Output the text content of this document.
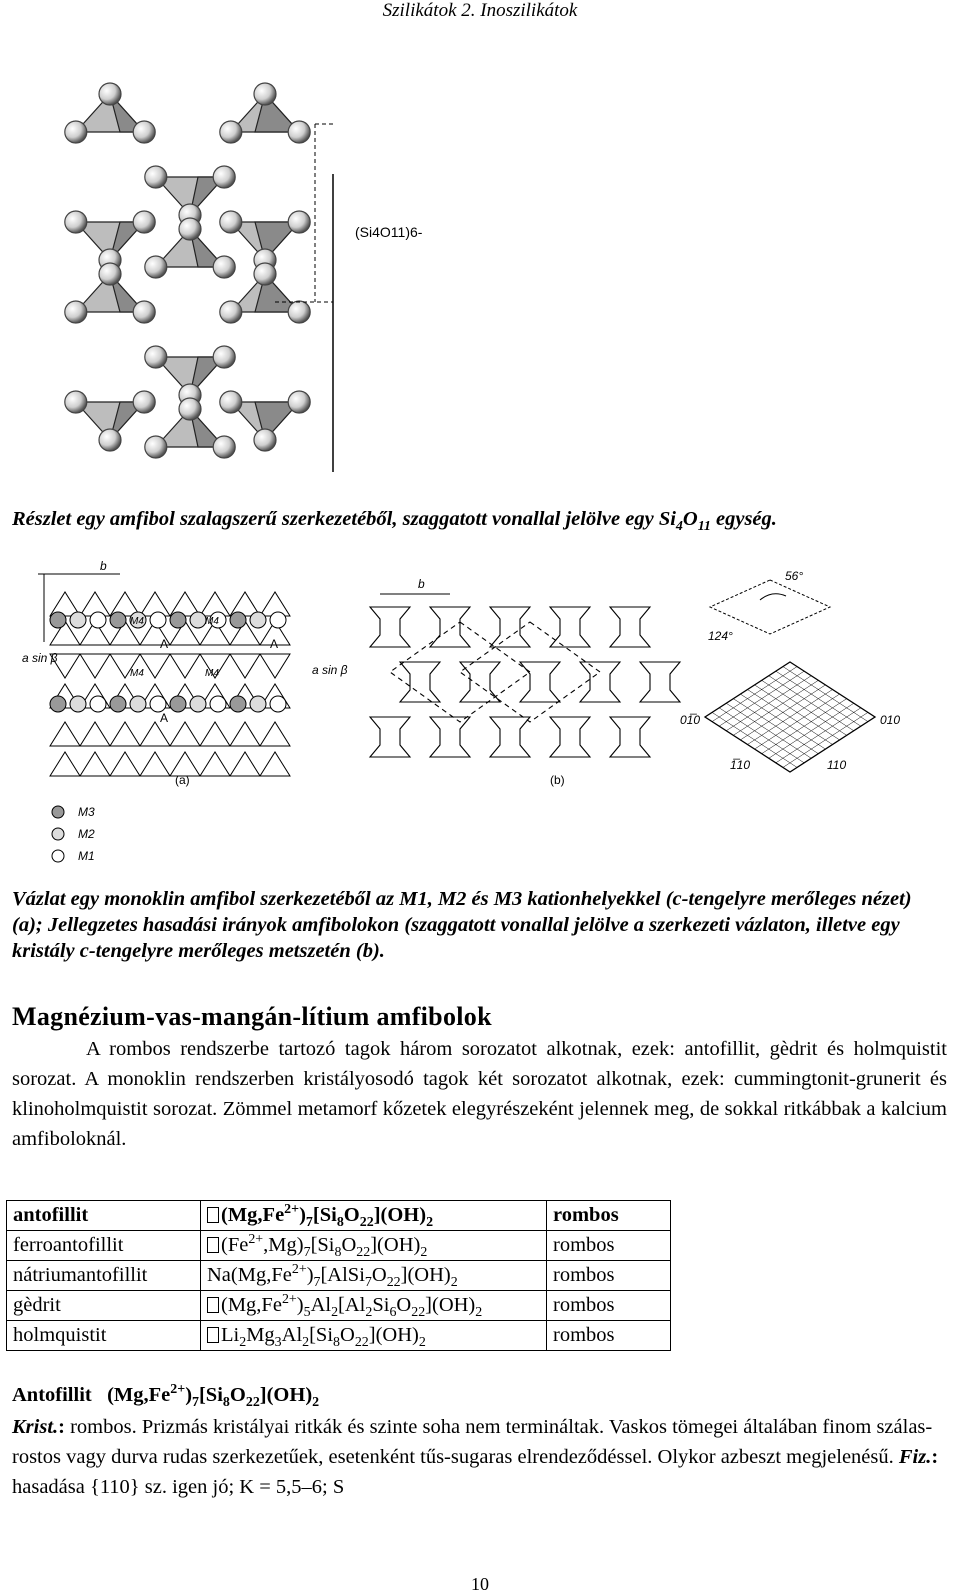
Szilikátok 2. Inoszilikátok
(Si4O11)6-
Részlet egy amfibol szalagszerű szerkezetéből, szaggatott vonallal jelölve egy $Si_4O_{11}$ egység.
b
a sin β
(a)
A	A
A
M4	M4
M4	M4
b
a sin β
(b)
56°
124°
01̅0	010
1̅10	110
M3
M2
M1
Vázlat egy monoklin amfibol szerkezetéből az M1, M2 és M3 kationhelyekkel (c-tengelyre merőleges nézet) (a); Jellegzetes hasadási irányok amfibolokon (szaggatott vonallal jelölve a szerkezeti vázlaton, illetve egy kristály c-tengelyre merőleges metszetén (b).
Magnézium-vas-mangán-lítium amfibolok
A rombos rendszerbe tartozó tagok három sorozatot alkotnak, ezek: antofillit, gèdrit és holmquistit sorozat. A monoklin rendszerben kristályosodó tagok két sorozatot alkotnak, ezek: cummingtonit-grunerit és klinoholmquistit sorozat. Zömmel metamorf kőzetek elegyrészeként jelennek meg, de sokkal ritkábbak a kalcium amfiboloknál.
antofillit	$(Mg,Fe^{2+})_7[Si_8O_{22}](OH)_2$	rombos
ferroantofillit	$(Fe^{2+},Mg)_7[Si_8O_{22}](OH)_2$	rombos
nátriumantofillit	$Na(Mg,Fe^{2+})_7[AlSi_7O_{22}](OH)_2$	rombos
gèdrit	$(Mg,Fe^{2+})_5Al_2[Al_2Si_6O_{22}](OH)_2$	rombos
holmquistit	$Li_2Mg_3Al_2[Si_8O_{22}](OH)_2$	rombos
Antofillit   $(Mg,Fe^{2+})_7[Si_8O_{22}](OH)_2$
Krist.: rombos. Prizmás kristályai ritkák és szinte soha nem termináltak. Vaskos tömegei általában finom szálas-rostos vagy durva rudas szerkezetűek, esetenként tűs-sugaras elrendeződéssel. Olykor azbeszt megjelenésű. Fiz.: hasadása {110} sz. igen jó; K = 5,5–6; S
10
